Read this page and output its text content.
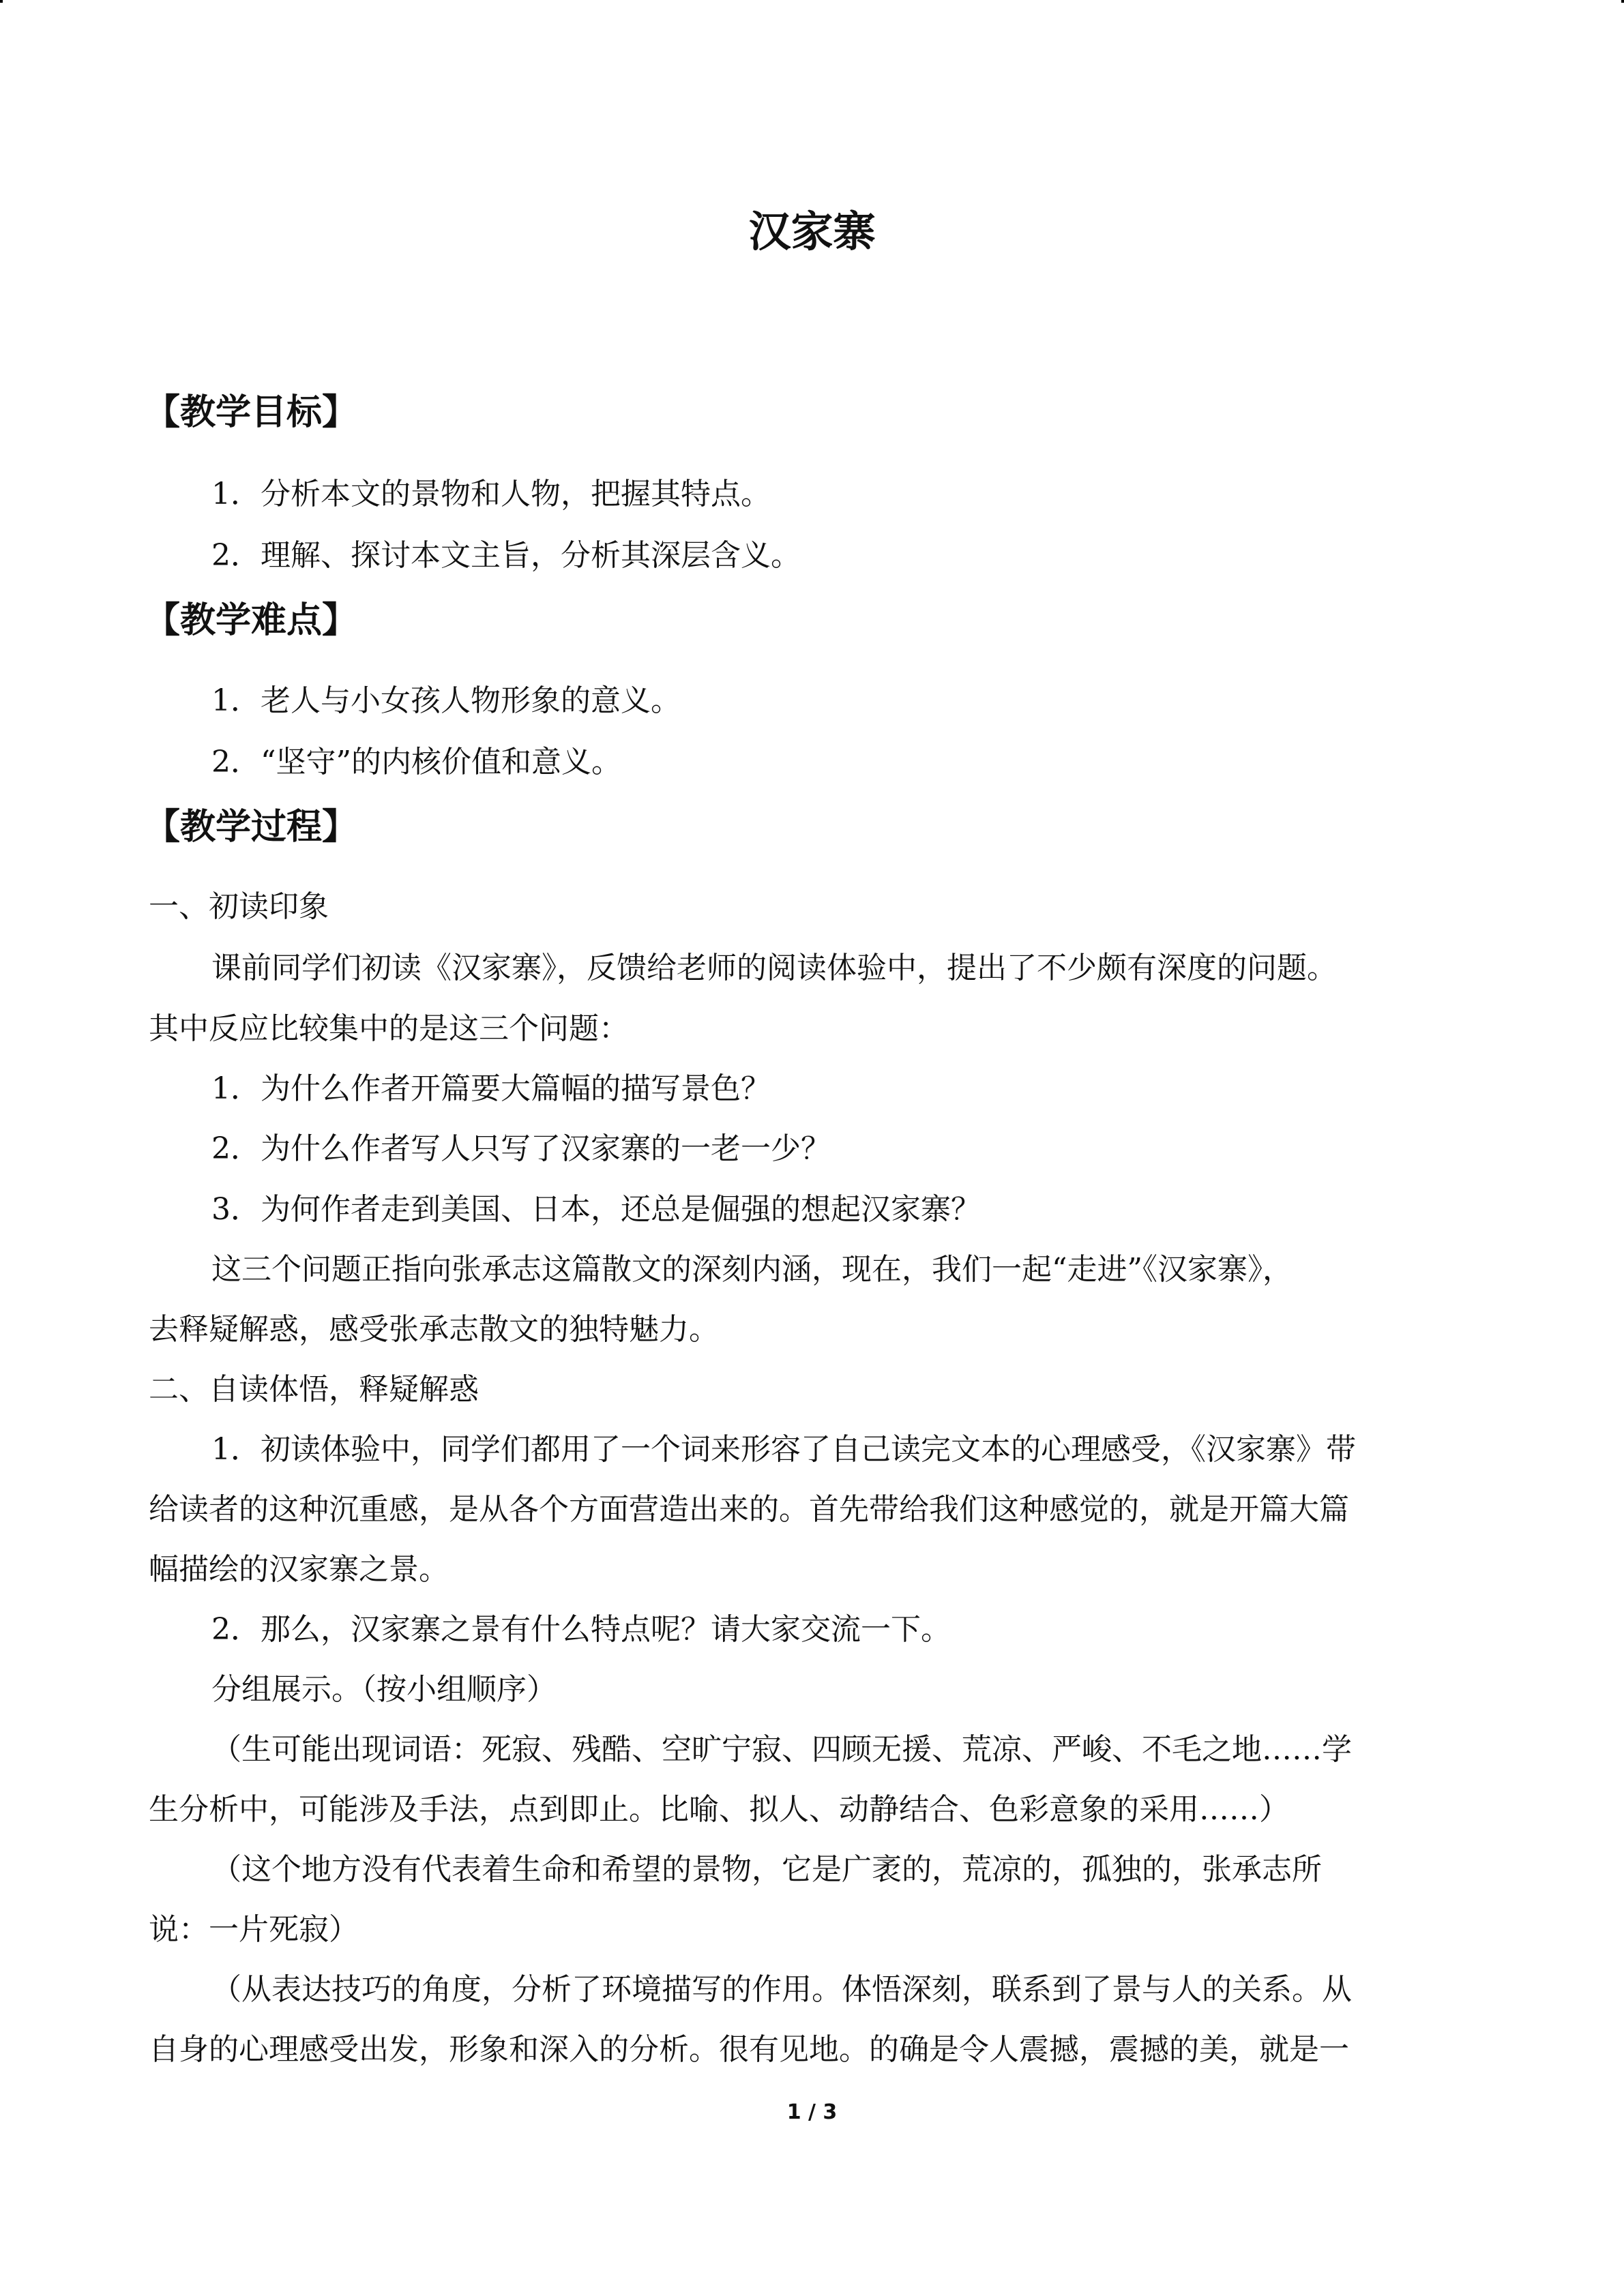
汉家寨
【教学目标】
1．分析本文的景物和人物，把握其特点。
2．理解、探讨本文主旨，分析其深层含义。
【教学难点】
1．老人与小女孩人物形象的意义。
2．“坚守”的内核价值和意义。
【教学过程】
一、初读印象
课前同学们初读《汉家寨》，反馈给老师的阅读体验中，提出了不少颇有深度的问题。
其中反应比较集中的是这三个问题：
1．为什么作者开篇要大篇幅的描写景色？
2．为什么作者写人只写了汉家寨的一老一少？
3．为何作者走到美国、日本，还总是倔强的想起汉家寨？
这三个问题正指向张承志这篇散文的深刻内涵，现在，我们一起“走进”《汉家寨》，
去释疑解惑，感受张承志散文的独特魅力。
二、自读体悟，释疑解惑
1．初读体验中，同学们都用了一个词来形容了自己读完文本的心理感受，《汉家寨》带
给读者的这种沉重感，是从各个方面营造出来的。首先带给我们这种感觉的，就是开篇大篇
幅描绘的汉家寨之景。
2．那么，汉家寨之景有什么特点呢？请大家交流一下。
分组展示。（按小组顺序）
（生可能出现词语：死寂、残酷、空旷宁寂、四顾无援、荒凉、严峻、不毛之地……学
生分析中，可能涉及手法，点到即止。比喻、拟人、动静结合、色彩意象的采用……）
（这个地方没有代表着生命和希望的景物，它是广袤的，荒凉的，孤独的，张承志所
说：一片死寂）
（从表达技巧的角度，分析了环境描写的作用。体悟深刻，联系到了景与人的关系。从
自身的心理感受出发，形象和深入的分析。很有见地。的确是令人震撼，震撼的美，就是一
1 / 3
